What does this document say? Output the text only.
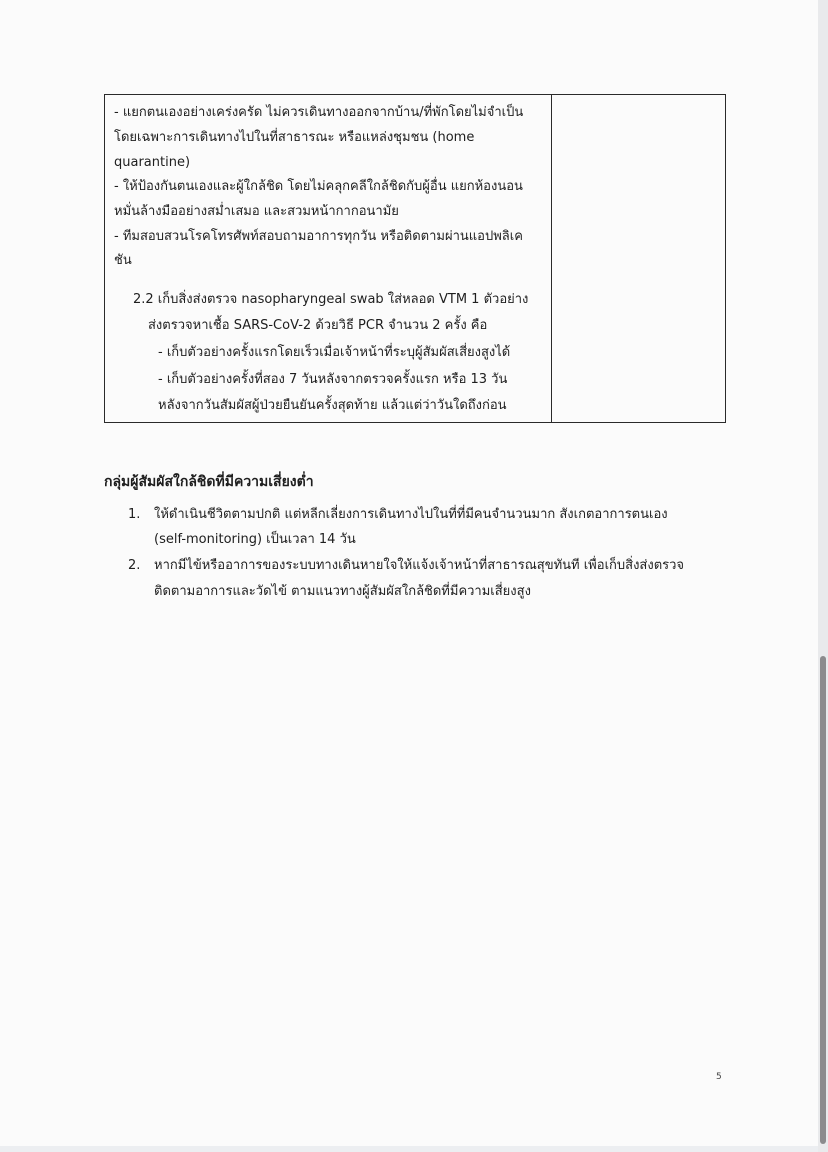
- แยกตนเองอย่างเคร่งครัด ไม่ควรเดินทางออกจากบ้าน/ที่พักโดยไม่จำเป็น
โดยเฉพาะการเดินทางไปในที่สาธารณะ หรือแหล่งชุมชน (home
quarantine)
- ให้ป้องกันตนเองและผู้ใกล้ชิด โดยไม่คลุกคลีใกล้ชิดกับผู้อื่น แยกห้องนอน
หมั่นล้างมืออย่างสม่ำเสมอ และสวมหน้ากากอนามัย
- ทีมสอบสวนโรคโทรศัพท์สอบถามอาการทุกวัน หรือติดตามผ่านแอปพลิเค
ชัน
2.2 เก็บสิ่งส่งตรวจ nasopharyngeal swab ใส่หลอด VTM 1 ตัวอย่าง
ส่งตรวจหาเชื้อ SARS-CoV-2 ด้วยวิธี PCR จำนวน 2 ครั้ง คือ
- เก็บตัวอย่างครั้งแรกโดยเร็วเมื่อเจ้าหน้าที่ระบุผู้สัมผัสเสี่ยงสูงได้
- เก็บตัวอย่างครั้งที่สอง 7 วันหลังจากตรวจครั้งแรก หรือ 13 วัน
หลังจากวันสัมผัสผู้ป่วยยืนยันครั้งสุดท้าย แล้วแต่ว่าวันใดถึงก่อน
กลุ่มผู้สัมผัสใกล้ชิดที่มีความเสี่ยงต่ำ
1. ให้ดำเนินชีวิตตามปกติ แต่หลีกเลี่ยงการเดินทางไปในที่ที่มีคนจำนวนมาก สังเกตอาการตนเอง
(self-monitoring) เป็นเวลา 14 วัน
2. หากมีไข้หรืออาการของระบบทางเดินหายใจให้แจ้งเจ้าหน้าที่สาธารณสุขทันที เพื่อเก็บสิ่งส่งตรวจ
ติดตามอาการและวัดไข้ ตามแนวทางผู้สัมผัสใกล้ชิดที่มีความเสี่ยงสูง
5
